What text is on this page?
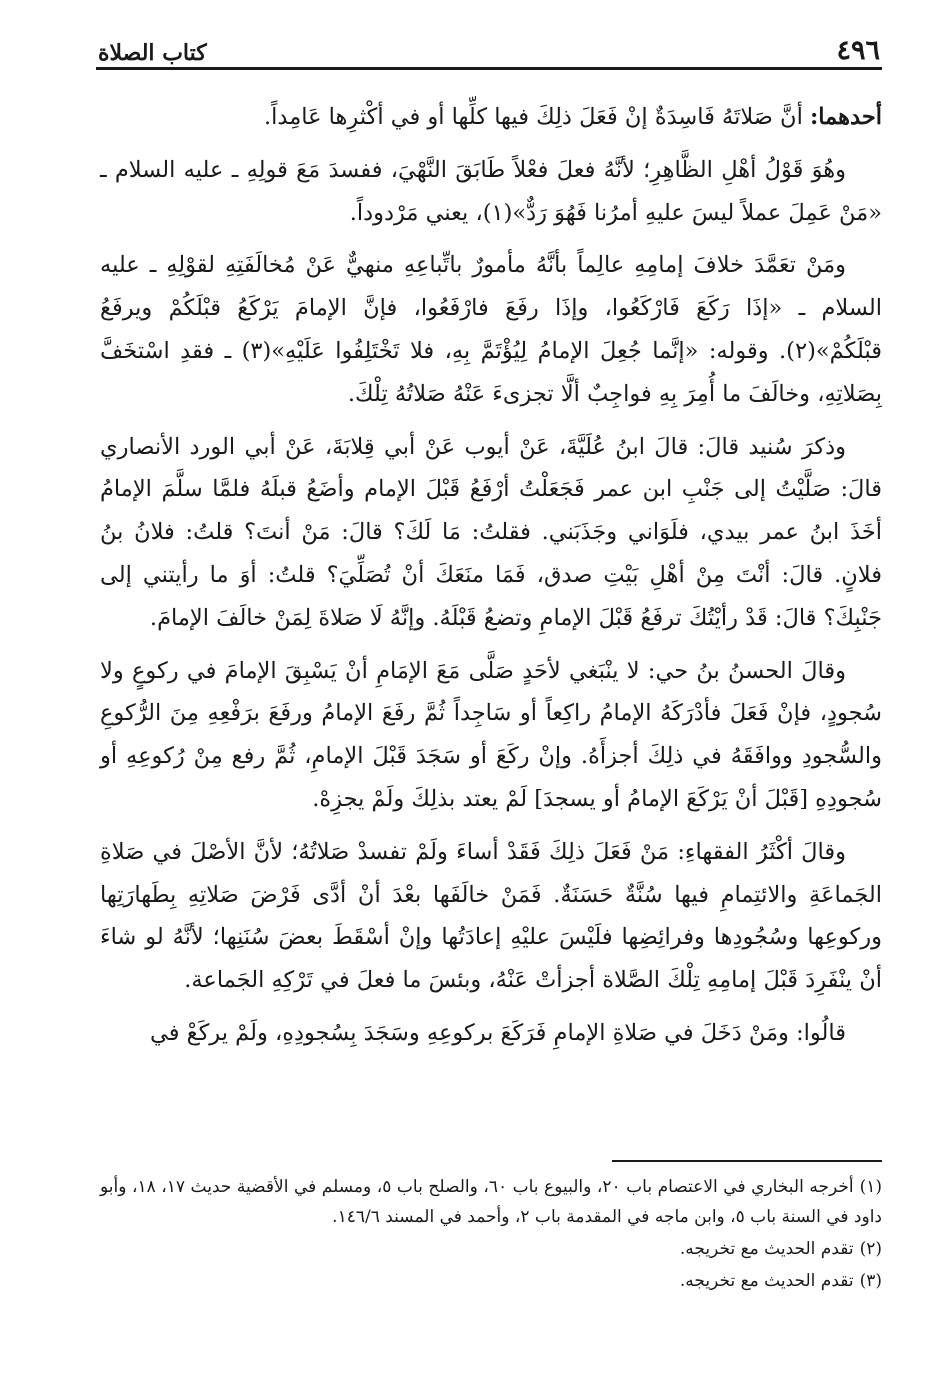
٤٩٦
كتاب الصلاة

أحدهما: أنَّ صَلاتَهُ فَاسِدَةٌ إنْ فَعَلَ ذلِكَ فيها كلِّها أو في أكْثرِها عَامِداً.

وهُوَ قَوْلُ أهْلِ الظَّاهِرِ؛ لأنَّهُ فعلَ فعْلاً طَابَقَ النَّهْيَ، ففسدَ مَعَ قولِهِ ـ عليه السلام ـ «مَنْ عَمِلَ عملاً ليسَ عليهِ أمرُنا فَهُوَ رَدٌّ»(١)، يعني مَرْدوداً.

ومَنْ تعَمَّدَ خلافَ إمامِهِ عالِماً بأنَّهُ مأمورٌ باتِّباعِهِ منهيٌّ عَنْ مُخالَفَتِهِ لقوْلِهِ ـ عليه السلام ـ «إذَا رَكَعَ فَارْكَعُوا، وإذَا رفَعَ فارْفَعُوا، فإنَّ الإمامَ يَرْكَعُ قبْلَكُمْ ويرفَعُ قبْلَكُمْ»(٢). وقوله: «إنَّما جُعِلَ الإمامُ لِيُؤْتَمَّ بِهِ، فلا تَخْتَلِفُوا عَلَيْهِ»(٣) ـ فقدِ اسْتخَفَّ بِصَلاتِهِ، وخالَفَ ما أُمِرَ بِهِ فواجِبٌ ألَّا تجزىءَ عَنْهُ صَلاتُهُ تِلْكَ.

وذكرَ سُنيد قالَ: قالَ ابنُ عُلَيَّةَ، عَنْ أيوب عَنْ أبي قِلابَةَ، عَنْ أبي الورد الأنصاري قالَ: صَلَّيْتُ إلى جَنْبِ ابن عمر فَجَعَلْتُ أرْفَعُ قَبْلَ الإمام وأضَعُ قبلَهُ فلمَّا سلَّمَ الإمامُ أخَذَ ابنُ عمر بيدي، فلَوَاني وجَذَبَني. فقلتُ: مَا لَكَ؟ قالَ: مَنْ أنتَ؟ قلتُ: فلانُ بنُ فلانٍ. قالَ: أنْتَ مِنْ أهْلِ بَيْتِ صدق، فَمَا منَعَكَ أنْ تُصَلِّيَ؟ قلتُ: أوَ ما رأيتني إلى جَنْبِكَ؟ قالَ: قَدْ رأيْتُكَ ترفَعُ قَبْلَ الإمامِ وتضعُ قَبْلَهُ. وإنَّهُ لَا صَلاةَ لِمَنْ خالَفَ الإمامَ.

وقالَ الحسنُ بنُ حي: لا ينْبَغي لأحَدٍ صَلَّى مَعَ الإمَامِ أنْ يَسْبِقَ الإمامَ في ركوعٍ ولا سُجودٍ، فإنْ فَعَلَ فأدْرَكَهُ الإمامُ راكِعاً أو سَاجِداً ثُمَّ رفَعَ الإمامُ ورفَعَ برَفْعِهِ مِنَ الرُّكوعِ والسُّجودِ ووافَقَهُ في ذلِكَ أجزأَهُ. وإنْ ركَعَ أو سَجَدَ قَبْلَ الإمامِ، ثُمَّ رفع مِنْ رُكوعِهِ أو سُجودِهِ [قَبْلَ أنْ يَرْكَعَ الإمامُ أو يسجدَ] لَمْ يعتد بذلِكَ ولَمْ يجزِهْ.

وقالَ أكْثَرُ الفقهاءِ: مَنْ فَعَلَ ذلِكَ فَقَدْ أساءَ ولَمْ تفسدْ صَلاتُهُ؛ لأنَّ الأصْلَ في صَلاةِ الجَماعَةِ والائتِمامِ فيها سُنَّةٌ حَسَنَةٌ. فَمَنْ خالَفَها بعْدَ أنْ أدَّى فَرْضَ صَلاتِهِ بِطَهارَتِها وركوعِها وسُجُودِها وفرائِضِها فلَيْسَ عليْهِ إعادَتُها وإنْ أسْقَطَ بعضَ سُنَنِها؛ لأنَّهُ لو شاءَ أنْ ينْفَرِدَ قَبْلَ إمامِهِ تِلْكَ الصَّلاة أجزأتْ عَنْهُ، وبئسَ ما فعلَ في تَرْكِهِ الجَماعة.

قالُوا: ومَنْ دَخَلَ في صَلاةِ الإمامِ فَرَكَعَ بركوعِهِ وسَجَدَ بِسُجودِهِ، ولَمْ يركَعْ في

(١)أخرجه البخاري في الاعتصام باب ٢٠، والبيوع باب ٦٠، والصلح باب ٥، ومسلم في الأقضية حديث ١٧، ١٨، وأبو داود في السنة باب ٥، وابن ماجه في المقدمة باب ٢، وأحمد في المسند ١٤٦/٦.
(٢)تقدم الحديث مع تخريجه.
(٣)تقدم الحديث مع تخريجه.
